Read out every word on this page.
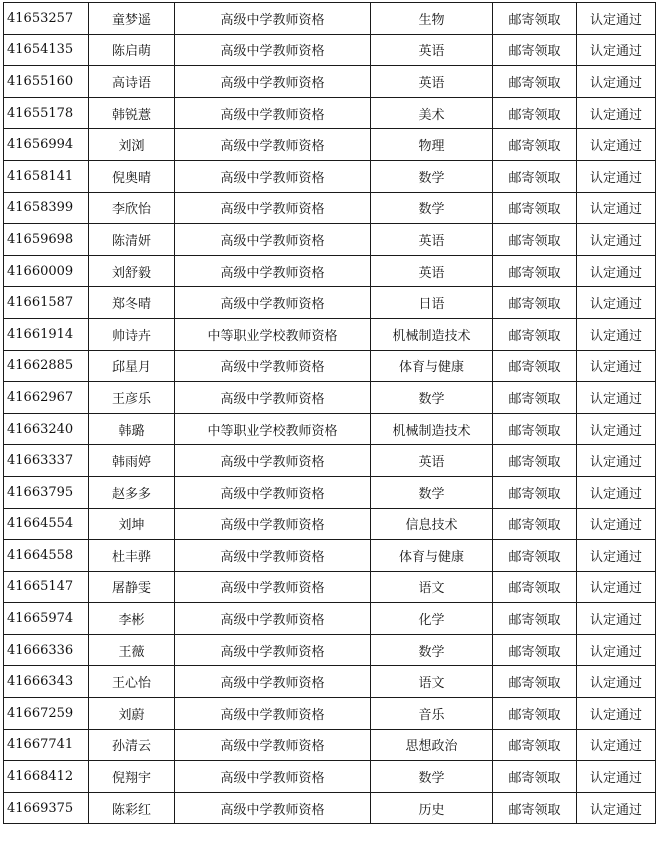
41653257	童梦遥	高级中学教师资格	生物	邮寄领取	认定通过
41654135	陈启萌	高级中学教师资格	英语	邮寄领取	认定通过
41655160	高诗语	高级中学教师资格	英语	邮寄领取	认定通过
41655178	韩锐薏	高级中学教师资格	美术	邮寄领取	认定通过
41656994	刘浏	高级中学教师资格	物理	邮寄领取	认定通过
41658141	倪奥晴	高级中学教师资格	数学	邮寄领取	认定通过
41658399	李欣怡	高级中学教师资格	数学	邮寄领取	认定通过
41659698	陈清妍	高级中学教师资格	英语	邮寄领取	认定通过
41660009	刘舒毅	高级中学教师资格	英语	邮寄领取	认定通过
41661587	郑冬晴	高级中学教师资格	日语	邮寄领取	认定通过
41661914	帅诗卉	中等职业学校教师资格	机械制造技术	邮寄领取	认定通过
41662885	邱星月	高级中学教师资格	体育与健康	邮寄领取	认定通过
41662967	王彦乐	高级中学教师资格	数学	邮寄领取	认定通过
41663240	韩璐	中等职业学校教师资格	机械制造技术	邮寄领取	认定通过
41663337	韩雨婷	高级中学教师资格	英语	邮寄领取	认定通过
41663795	赵多多	高级中学教师资格	数学	邮寄领取	认定通过
41664554	刘坤	高级中学教师资格	信息技术	邮寄领取	认定通过
41664558	杜丰骅	高级中学教师资格	体育与健康	邮寄领取	认定通过
41665147	屠静雯	高级中学教师资格	语文	邮寄领取	认定通过
41665974	李彬	高级中学教师资格	化学	邮寄领取	认定通过
41666336	王薇	高级中学教师资格	数学	邮寄领取	认定通过
41666343	王心怡	高级中学教师资格	语文	邮寄领取	认定通过
41667259	刘蔚	高级中学教师资格	音乐	邮寄领取	认定通过
41667741	孙清云	高级中学教师资格	思想政治	邮寄领取	认定通过
41668412	倪翔宇	高级中学教师资格	数学	邮寄领取	认定通过
41669375	陈彩红	高级中学教师资格	历史	邮寄领取	认定通过
